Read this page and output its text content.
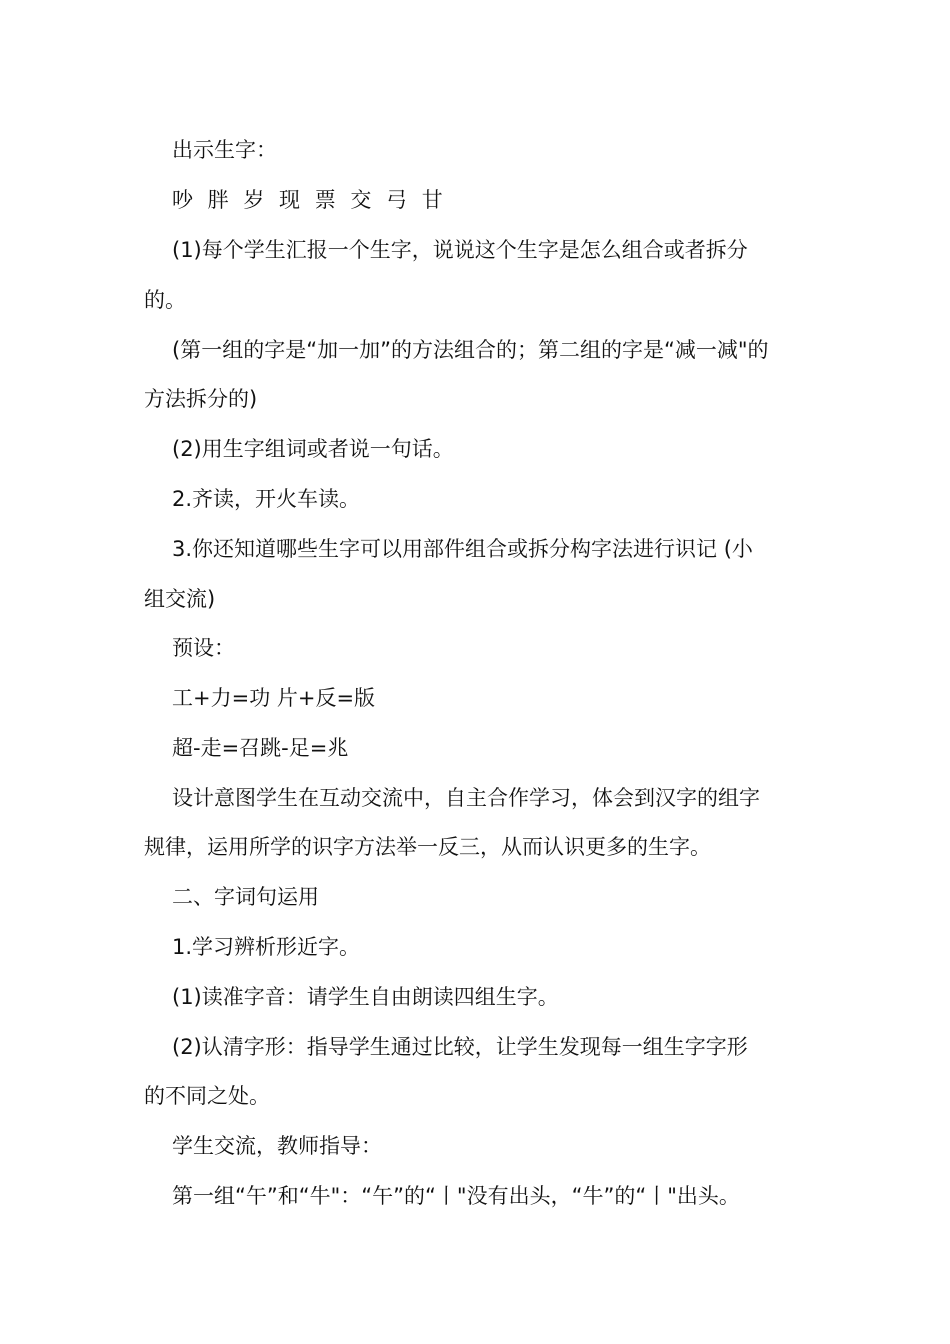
出示生字：
吵 胖 岁 现 票 交 弓 甘
(1)每个学生汇报一个生字，说说这个生字是怎么组合或者拆分
的。
(第一组的字是“加一加”的方法组合的；第二组的字是“减一减"的
方法拆分的)
(2)用生字组词或者说一句话。
2.齐读，开火车读。
3.你还知道哪些生字可以用部件组合或拆分构字法进行识记 (小
组交流)
预设：
工+力=功 片+反=版
超-走=召跳-足=兆
设计意图学生在互动交流中，自主合作学习，体会到汉字的组字
规律，运用所学的识字方法举一反三，从而认识更多的生字。
二、字词句运用
1.学习辨析形近字。
(1)读准字音：请学生自由朗读四组生字。
(2)认清字形：指导学生通过比较，让学生发现每一组生字字形
的不同之处。
学生交流，教师指导：
第一组“午”和“牛"：“午”的“丨"没有出头，“牛”的“丨"出头。
